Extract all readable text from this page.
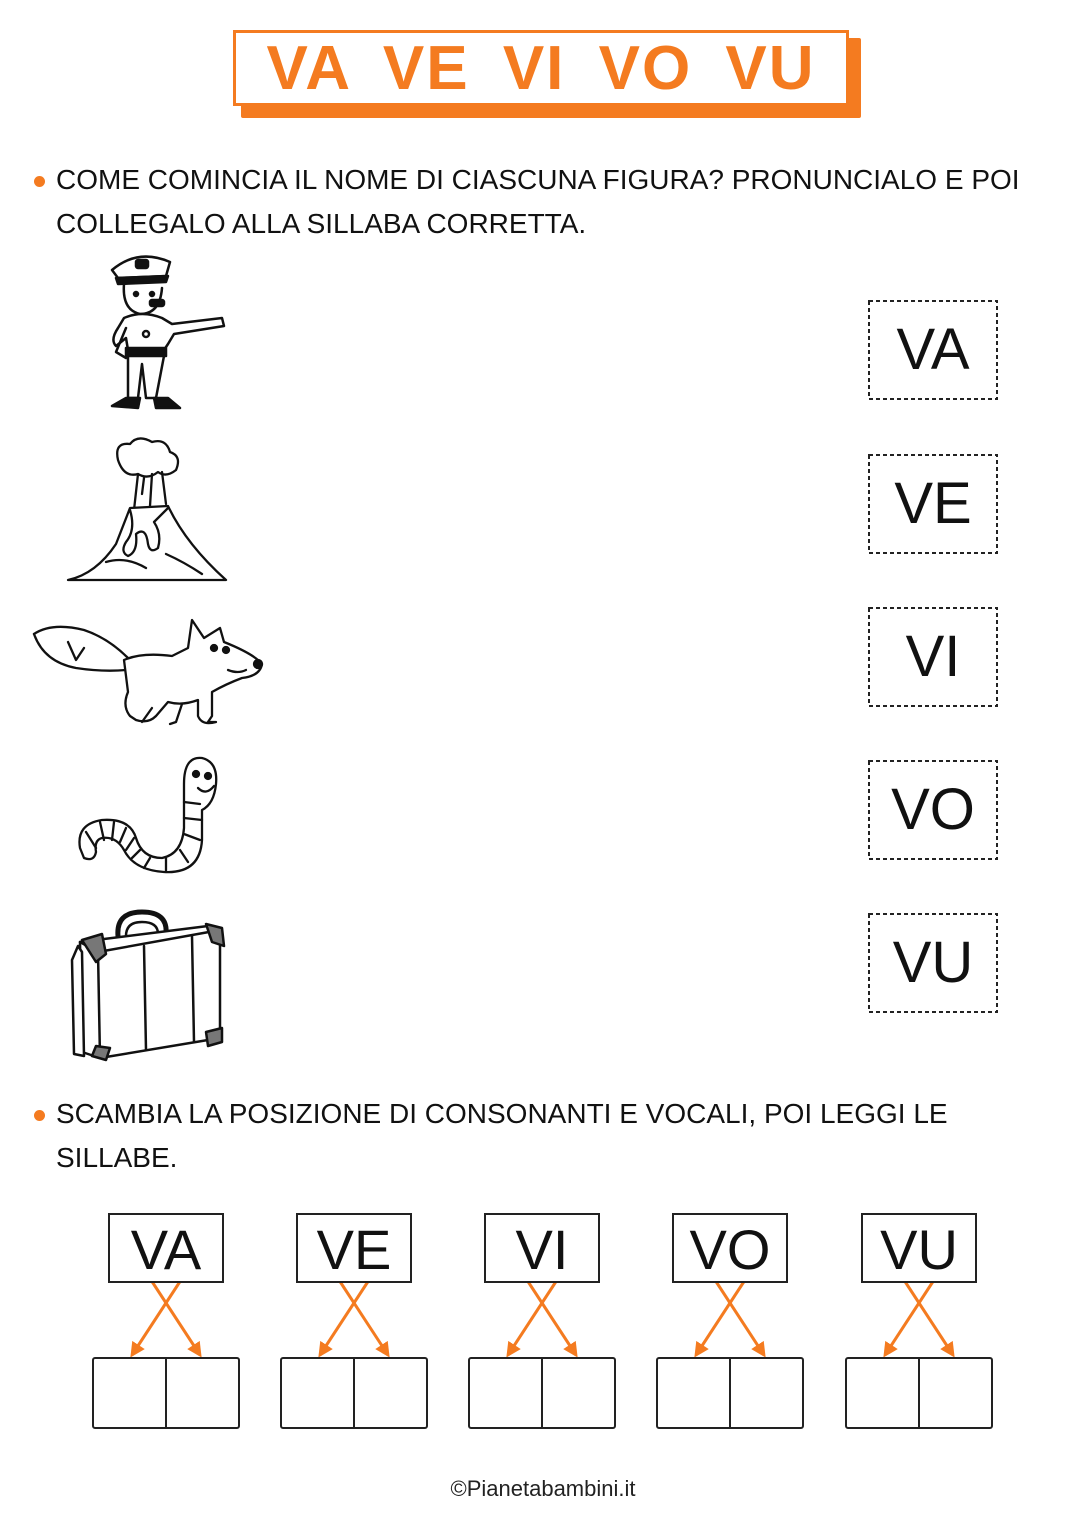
VA VE VI VO VU
COME COMINCIA IL NOME DI CIASCUNA FIGURA? PRONUNCIALO E POI COLLEGALO ALLA SILLABA CORRETTA.
VA
VE
VI
VO
VU
SCAMBIA LA POSIZIONE DI CONSONANTI E VOCALI, POI LEGGI LE SILLABE.
VA	VE	VI	VO	VU
©Pianetabambini.it
